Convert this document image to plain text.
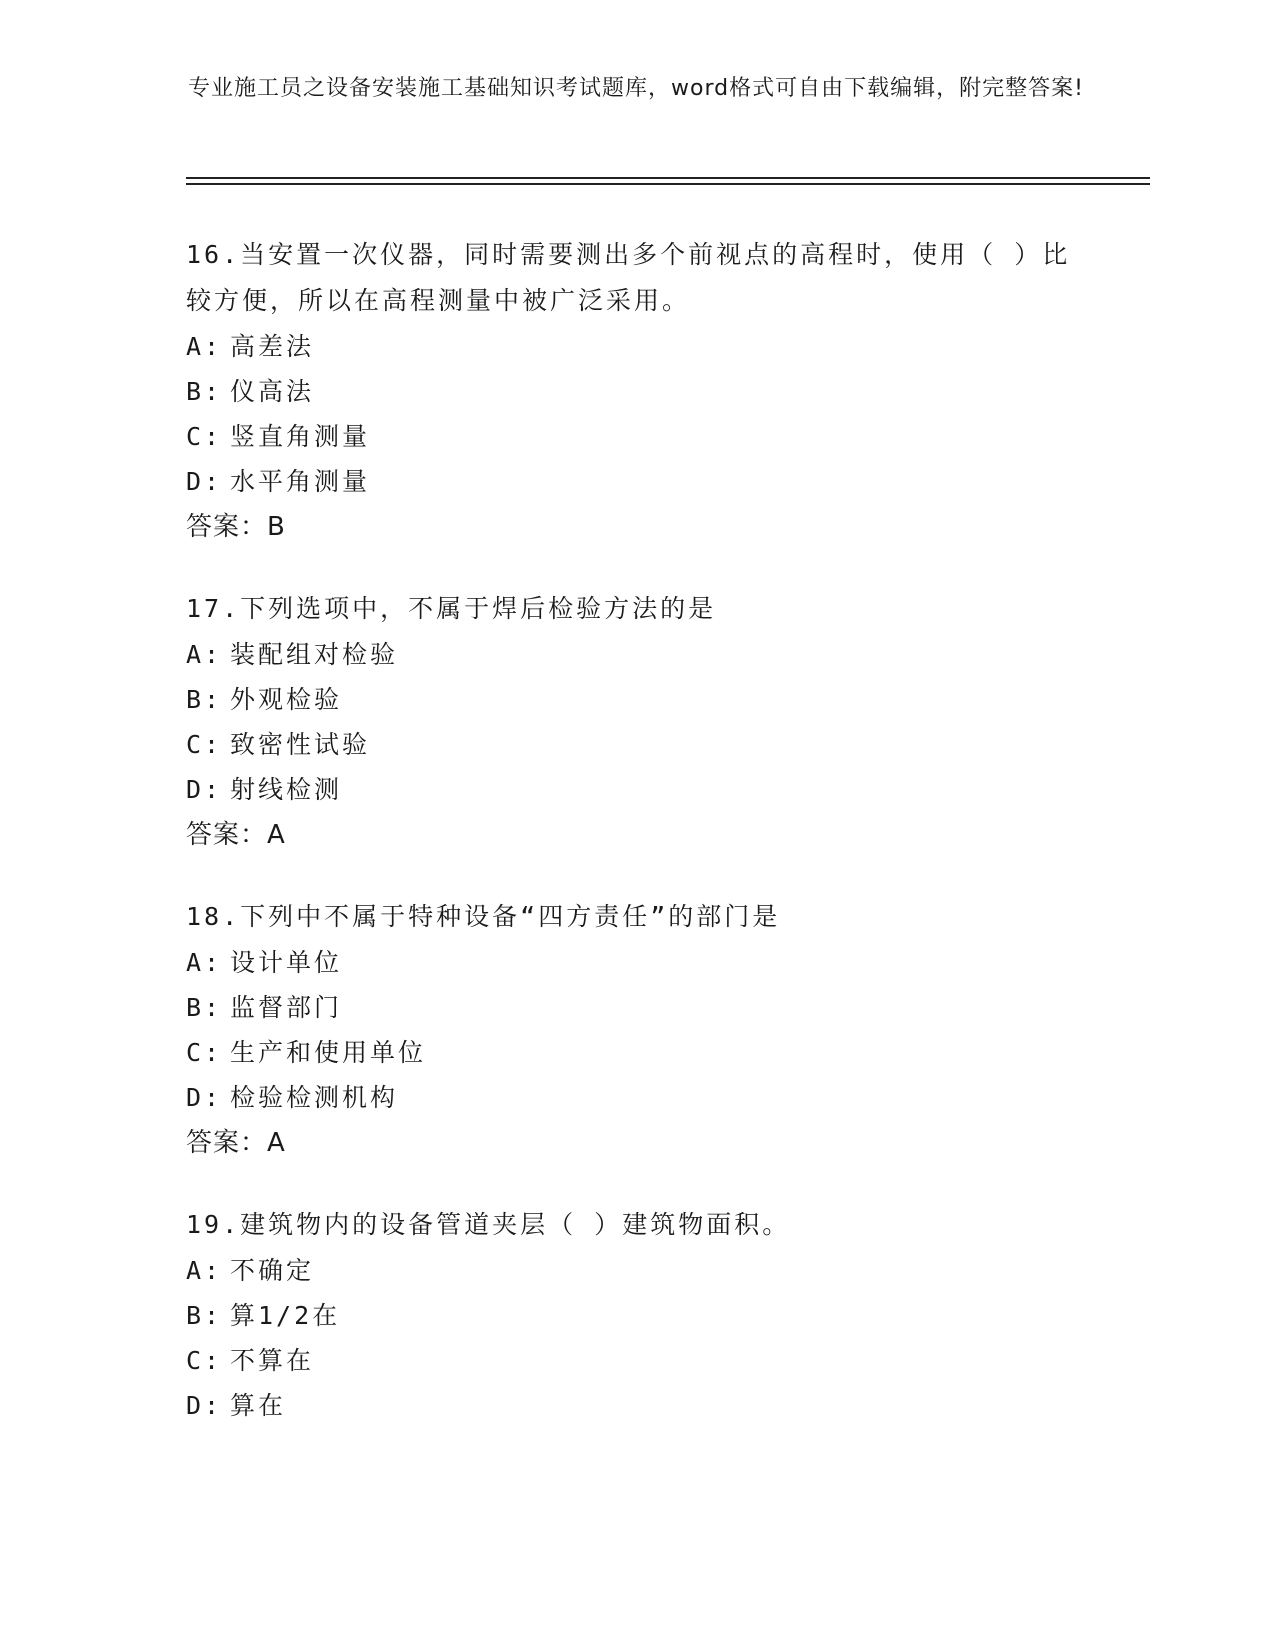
专业施工员之设备安装施工基础知识考试题库，word格式可自由下载编辑，附完整答案!
16.当安置一次仪器，同时需要测出多个前视点的高程时，使用（ ）比较方便，所以在高程测量中被广泛采用。
A: 高差法
B: 仪高法
C: 竖直角测量
D: 水平角测量
答案：B
17.下列选项中，不属于焊后检验方法的是
A: 装配组对检验
B: 外观检验
C: 致密性试验
D: 射线检测
答案：A
18.下列中不属于特种设备“四方责任”的部门是
A: 设计单位
B: 监督部门
C: 生产和使用单位
D: 检验检测机构
答案：A
19.建筑物内的设备管道夹层（ ）建筑物面积。
A: 不确定
B: 算1/2在
C: 不算在
D: 算在
